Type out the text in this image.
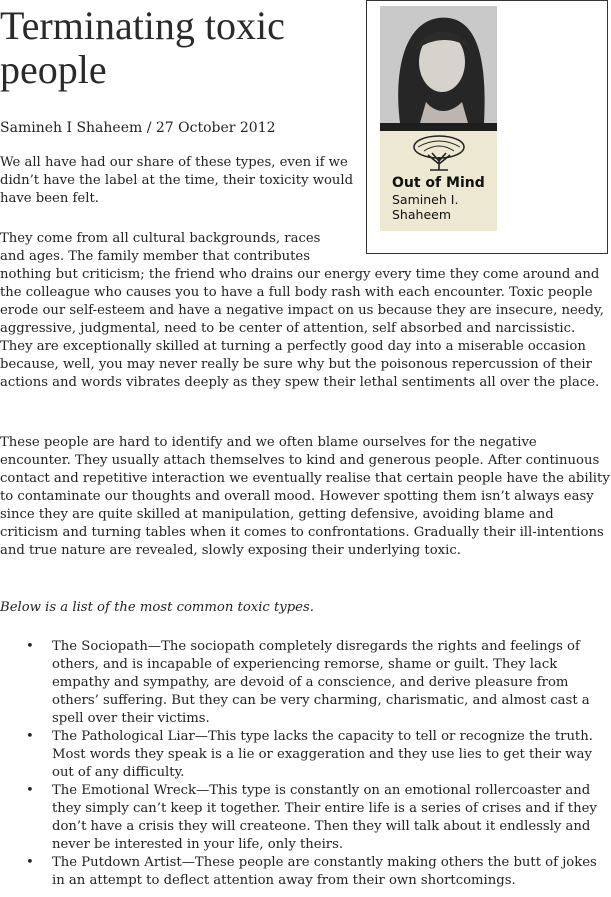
Terminating toxic people
Samineh I Shaheem / 27 October 2012
Out of Mind
Samineh I. Shaheem

We all have had our share of these types, even if we didn’t have the label at the time, their toxicity would have been felt.

They come from all cultural backgrounds, races and ages. The family member that contributes

nothing but criticism; the friend who drains our energy every time they come around and the colleague who causes you to have a full body rash with each encounter. Toxic people erode our self-esteem and have a negative impact on us because they are insecure, needy, aggressive, judgmental, need to be center of attention, self absorbed and narcissistic. They are exceptionally skilled at turning a perfectly good day into a miserable occasion because, well, you may never really be sure why but the poisonous repercussion of their actions and words vibrates deeply as they spew their lethal sentiments all over the place.

These people are hard to identify and we often blame ourselves for the negative encounter. They usually attach themselves to kind and generous people. After continuous contact and repetitive interaction we eventually realise that certain people have the ability to contaminate our thoughts and overall mood. However spotting them isn’t always easy since they are quite skilled at manipulation, getting defensive, avoiding blame and criticism and turning tables when it comes to confrontations. Gradually their ill-intentions and true nature are revealed, slowly exposing their underlying toxic.

Below is a list of the most common toxic types.

• The Sociopath—The sociopath completely disregards the rights and feelings of others, and is incapable of experiencing remorse, shame or guilt. They lack empathy and sympathy, are devoid of a conscience, and derive pleasure from others’ suffering. But they can be very charming, charismatic, and almost cast a spell over their victims.
• The Pathological Liar—This type lacks the capacity to tell or recognize the truth. Most words they speak is a lie or exaggeration and they use lies to get their way out of any difficulty.
• The Emotional Wreck—This type is constantly on an emotional rollercoaster and they simply can’t keep it together. Their entire life is a series of crises and if they don’t have a crisis they will createone. Then they will talk about it endlessly and never be interested in your life, only theirs.
• The Putdown Artist—These people are constantly making others the butt of jokes in an attempt to deflect attention away from their own shortcomings.
